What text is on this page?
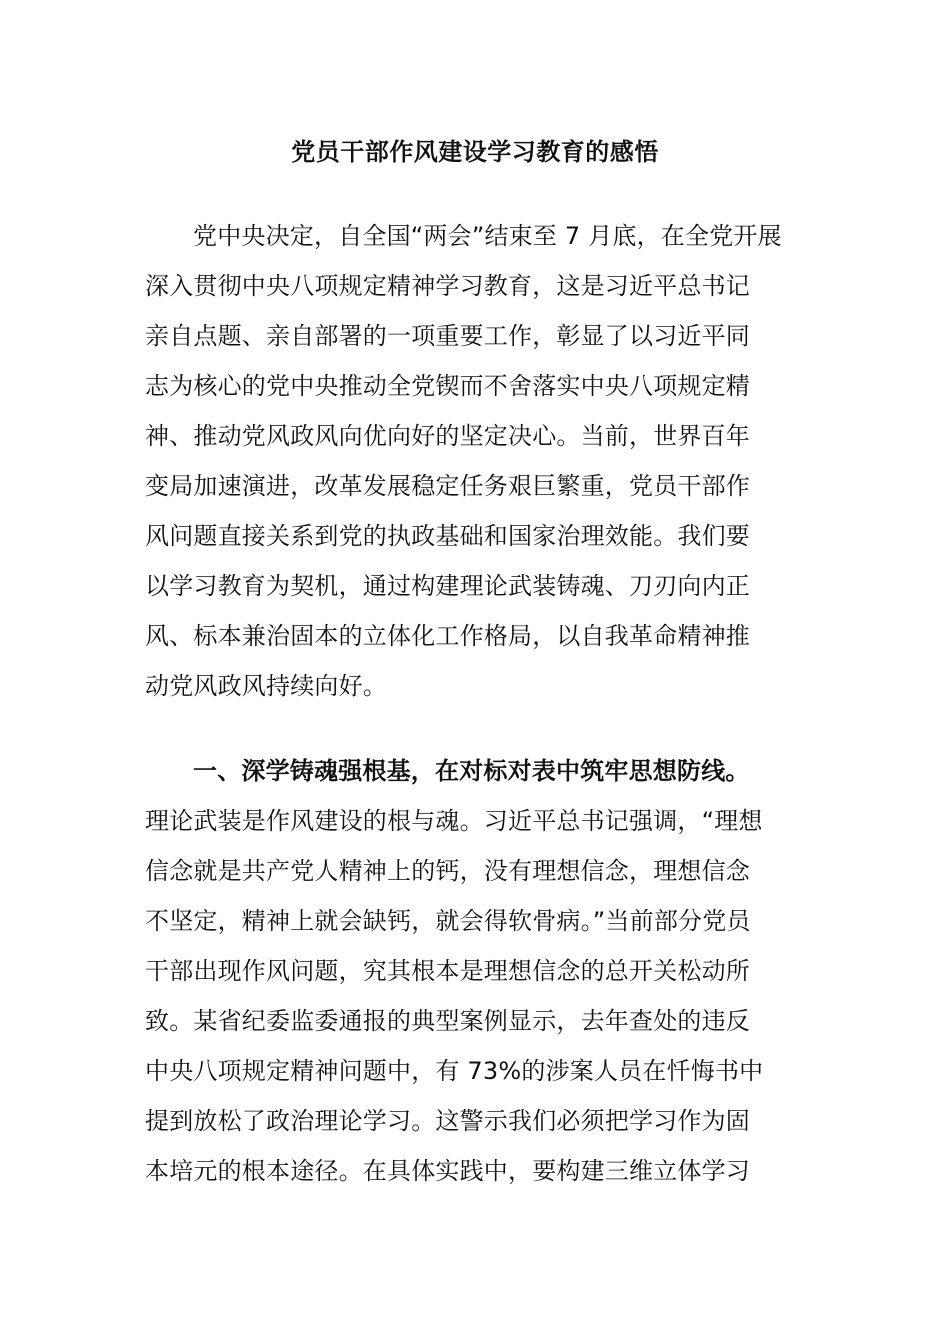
党员干部作风建设学习教育的感悟
党中央决定，自全国“两会”结束至 7 月底，在全党开展
深入贯彻中央八项规定精神学习教育，这是习近平总书记
亲自点题、亲自部署的一项重要工作，彰显了以习近平同
志为核心的党中央推动全党锲而不舍落实中央八项规定精
神、推动党风政风向优向好的坚定决心。当前，世界百年
变局加速演进，改革发展稳定任务艰巨繁重，党员干部作
风问题直接关系到党的执政基础和国家治理效能。我们要
以学习教育为契机，通过构建理论武装铸魂、刀刃向内正
风、标本兼治固本的立体化工作格局，以自我革命精神推
动党风政风持续向好。
一、深学铸魂强根基，在对标对表中筑牢思想防线。
理论武装是作风建设的根与魂。习近平总书记强调，“理想
信念就是共产党人精神上的钙，没有理想信念，理想信念
不坚定，精神上就会缺钙，就会得软骨病。”当前部分党员
干部出现作风问题，究其根本是理想信念的总开关松动所
致。某省纪委监委通报的典型案例显示，去年查处的违反
中央八项规定精神问题中，有 73%的涉案人员在忏悔书中
提到放松了政治理论学习。这警示我们必须把学习作为固
本培元的根本途径。在具体实践中，要构建三维立体学习
